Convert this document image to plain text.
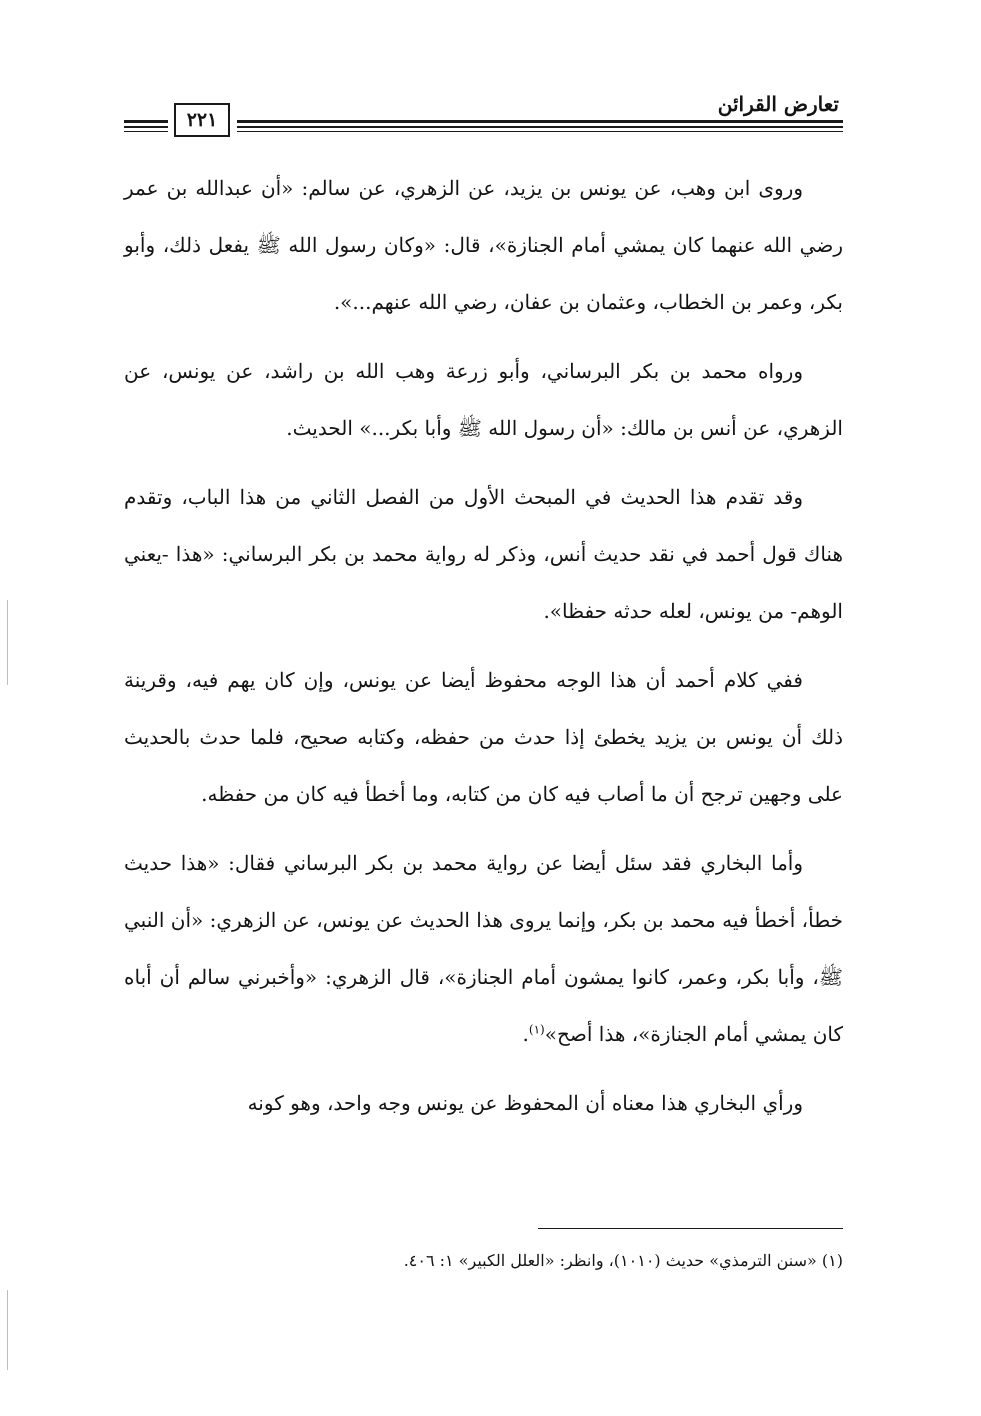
تعارض القرائن
٢٢١

وروى ابن وهب، عن يونس بن يزيد، عن الزهري، عن سالم: «أن عبدالله بن عمر رضي الله عنهما كان يمشي أمام الجنازة»، قال: «وكان رسول الله ﷺ يفعل ذلك، وأبو بكر، وعمر بن الخطاب، وعثمان بن عفان، رضي الله عنهم...».

ورواه محمد بن بكر البرساني، وأبو زرعة وهب الله بن راشد، عن يونس، عن الزهري، عن أنس بن مالك: «أن رسول الله ﷺ وأبا بكر...» الحديث.

وقد تقدم هذا الحديث في المبحث الأول من الفصل الثاني من هذا الباب، وتقدم هناك قول أحمد في نقد حديث أنس، وذكر له رواية محمد بن بكر البرساني: «هذا -يعني الوهم- من يونس، لعله حدثه حفظا».

ففي كلام أحمد أن هذا الوجه محفوظ أيضا عن يونس، وإن كان يهم فيه، وقرينة ذلك أن يونس بن يزيد يخطئ إذا حدث من حفظه، وكتابه صحيح، فلما حدث بالحديث على وجهين ترجح أن ما أصاب فيه كان من كتابه، وما أخطأ فيه كان من حفظه.

وأما البخاري فقد سئل أيضا عن رواية محمد بن بكر البرساني فقال: «هذا حديث خطأ، أخطأ فيه محمد بن بكر، وإنما يروى هذا الحديث عن يونس، عن الزهري: «أن النبي ﷺ، وأبا بكر، وعمر، كانوا يمشون أمام الجنازة»، قال الزهري: «وأخبرني سالم أن أباه كان يمشي أمام الجنازة»، هذا أصح»$^{(١)}$.

ورأي البخاري هذا معناه أن المحفوظ عن يونس وجه واحد، وهو كونه

(١) «سنن الترمذي» حديث (١٠١٠)، وانظر: «العلل الكبير» ١: ٤٠٦.
